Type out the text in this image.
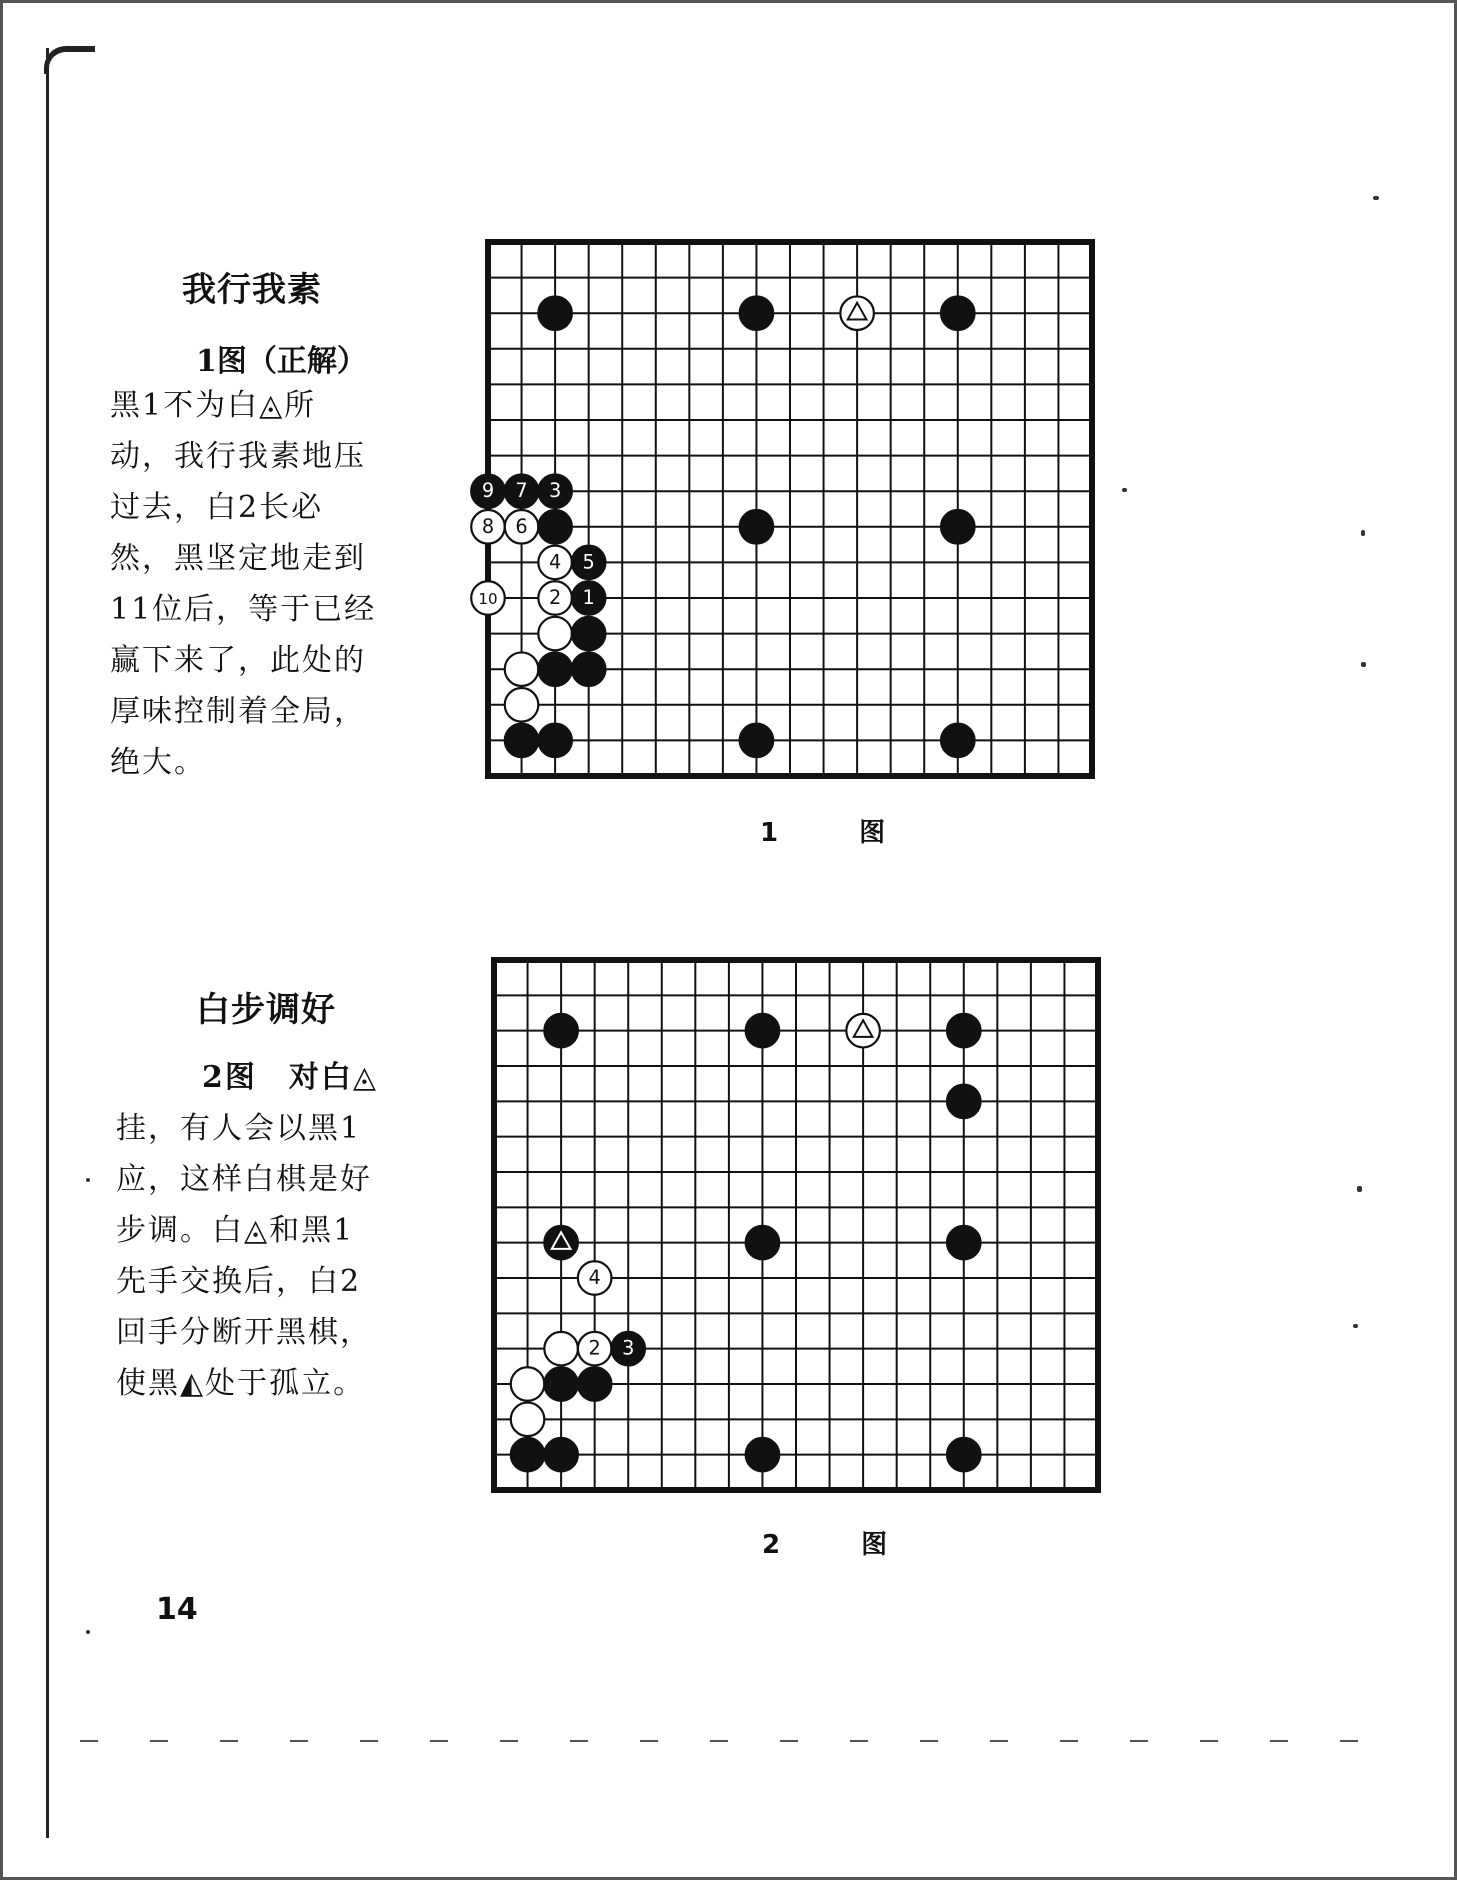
我行我素
1图（正解）
黑1不为白◬所
动，我行我素地压
过去，白2长必
然，黑坚定地走到
11位后，等于已经
赢下来了，此处的
厚味控制着全局，
绝大。
9 7 3
8 6
4 5
10	2 1
1 图
白步调好
2图　对白◬
挂，有人会以黑1
应，这样白棋是好
步调。白◬和黑1
先手交换后，白2
回手分断开黑棋，
使黑◭处于孤立。
4
2 3
2 图
14
